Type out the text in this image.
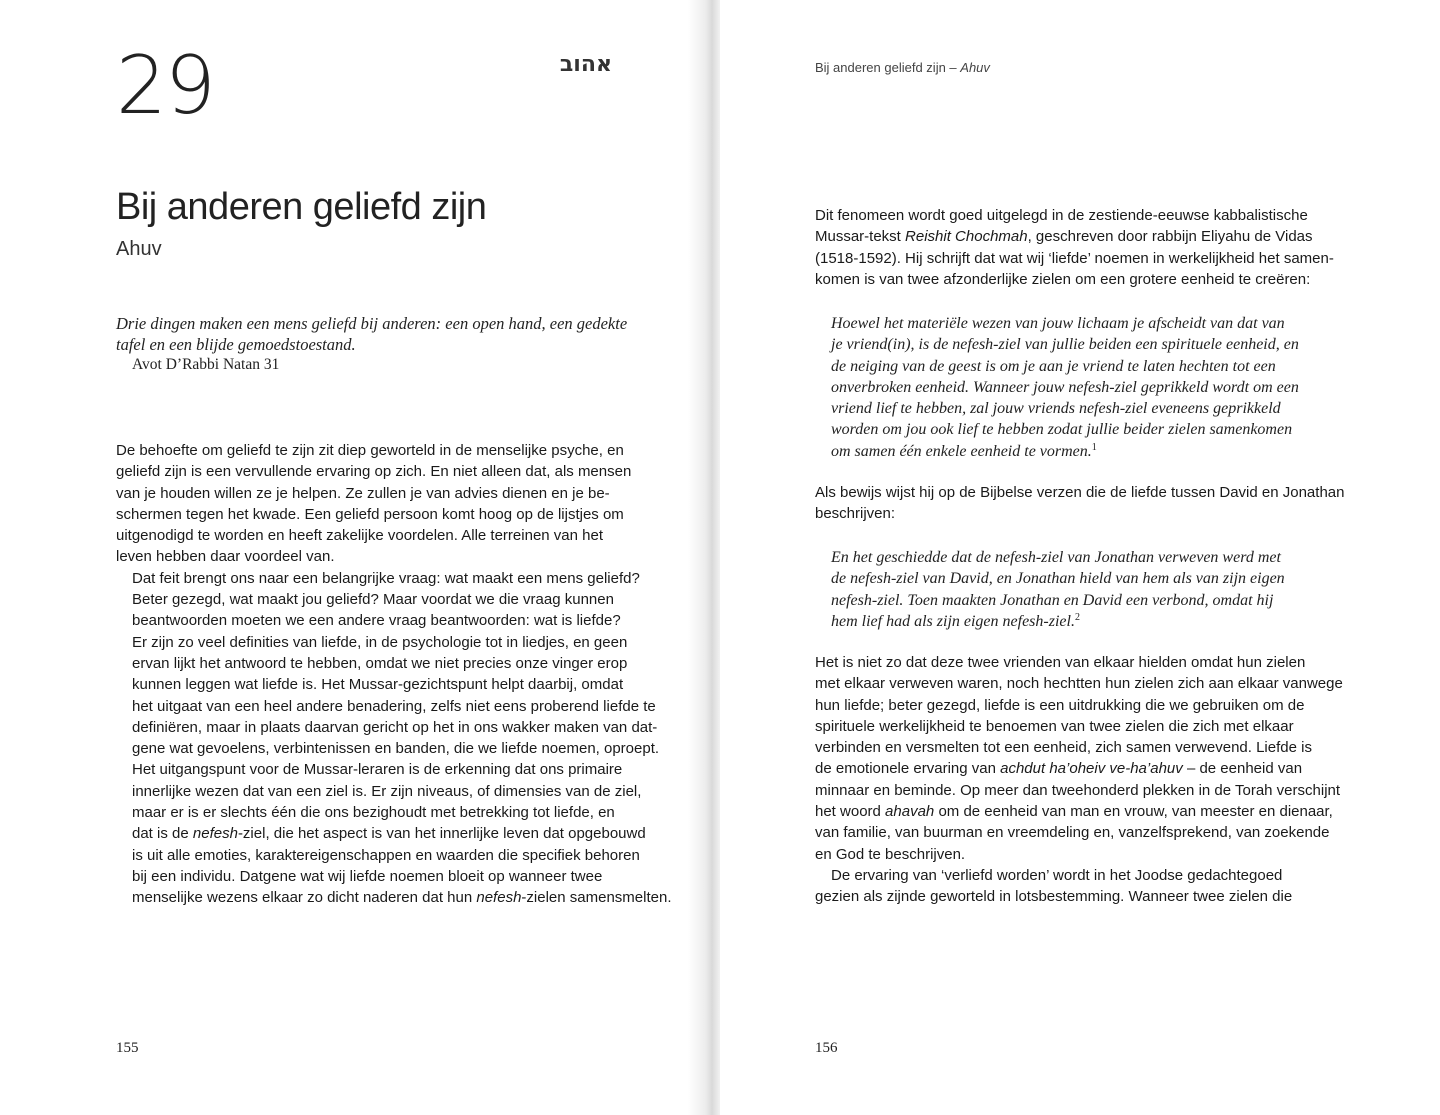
29	אהוב
Bij anderen geliefd zijn
Ahuv
Drie dingen maken een mens geliefd bij anderen: een open hand, een gedekte
tafel en een blijde gemoedstoestand.
Avot D’Rabbi Natan 31

De behoefte om geliefd te zijn zit diep geworteld in de menselijke psyche, en
geliefd zijn is een vervullende ervaring op zich. En niet alleen dat, als mensen
van je houden willen ze je helpen. Ze zullen je van advies dienen en je be-
schermen tegen het kwade. Een geliefd persoon komt hoog op de lijstjes om
uitgenodigd te worden en heeft zakelijke voordelen. Alle terreinen van het
leven hebben daar voordeel van.

Dat feit brengt ons naar een belangrijke vraag: wat maakt een mens geliefd?
Beter gezegd, wat maakt jou geliefd? Maar voordat we die vraag kunnen
beantwoorden moeten we een andere vraag beantwoorden: wat is liefde?

Er zijn zo veel definities van liefde, in de psychologie tot in liedjes, en geen
ervan lijkt het antwoord te hebben, omdat we niet precies onze vinger erop
kunnen leggen wat liefde is. Het Mussar-gezichtspunt helpt daarbij, omdat
het uitgaat van een heel andere benadering, zelfs niet eens proberend liefde te
definiëren, maar in plaats daarvan gericht op het in ons wakker maken van dat-
gene wat gevoelens, verbintenissen en banden, die we liefde noemen, oproept.

Het uitgangspunt voor de Mussar-leraren is de erkenning dat ons primaire
innerlijke wezen dat van een ziel is. Er zijn niveaus, of dimensies van de ziel,
maar er is er slechts één die ons bezighoudt met betrekking tot liefde, en
dat is de nefesh-ziel, die het aspect is van het innerlijke leven dat opgebouwd
is uit alle emoties, karaktereigenschappen en waarden die specifiek behoren
bij een individu. Datgene wat wij liefde noemen bloeit op wanneer twee
menselijke wezens elkaar zo dicht naderen dat hun nefesh-zielen samensmelten.

155
Bij anderen geliefd zijn – Ahuv

Dit fenomeen wordt goed uitgelegd in de zestiende-eeuwse kabbalistische
Mussar-tekst Reishit Chochmah, geschreven door rabbijn Eliyahu de Vidas
(1518-1592). Hij schrijft dat wat wij ‘liefde’ noemen in werkelijkheid het samen-
komen is van twee afzonderlijke zielen om een grotere eenheid te creëren:

Hoewel het materiële wezen van jouw lichaam je afscheidt van dat van
je vriend(in), is de nefesh-ziel van jullie beiden een spirituele eenheid, en
de neiging van de geest is om je aan je vriend te laten hechten tot een
onverbroken eenheid. Wanneer jouw nefesh-ziel geprikkeld wordt om een
vriend lief te hebben, zal jouw vriends nefesh-ziel eveneens geprikkeld
worden om jou ook lief te hebben zodat jullie beider zielen samenkomen
om samen één enkele eenheid te vormen.$^1$

Als bewijs wijst hij op de Bijbelse verzen die de liefde tussen David en Jonathan
beschrijven:

En het geschiedde dat de nefesh-ziel van Jonathan verweven werd met
de nefesh-ziel van David, en Jonathan hield van hem als van zijn eigen
nefesh-ziel. Toen maakten Jonathan en David een verbond, omdat hij
hem lief had als zijn eigen nefesh-ziel.$^2$

Het is niet zo dat deze twee vrienden van elkaar hielden omdat hun zielen
met elkaar verweven waren, noch hechtten hun zielen zich aan elkaar vanwege
hun liefde; beter gezegd, liefde is een uitdrukking die we gebruiken om de
spirituele werkelijkheid te benoemen van twee zielen die zich met elkaar
verbinden en versmelten tot een eenheid, zich samen verwevend. Liefde is
de emotionele ervaring van achdut ha’oheiv ve-ha’ahuv – de eenheid van
minnaar en beminde. Op meer dan tweehonderd plekken in de Torah verschijnt
het woord ahavah om de eenheid van man en vrouw, van meester en dienaar,
van familie, van buurman en vreemdeling en, vanzelfsprekend, van zoekende
en God te beschrijven.

De ervaring van ‘verliefd worden’ wordt in het Joodse gedachtegoed
gezien als zijnde geworteld in lotsbestemming. Wanneer twee zielen die

156
